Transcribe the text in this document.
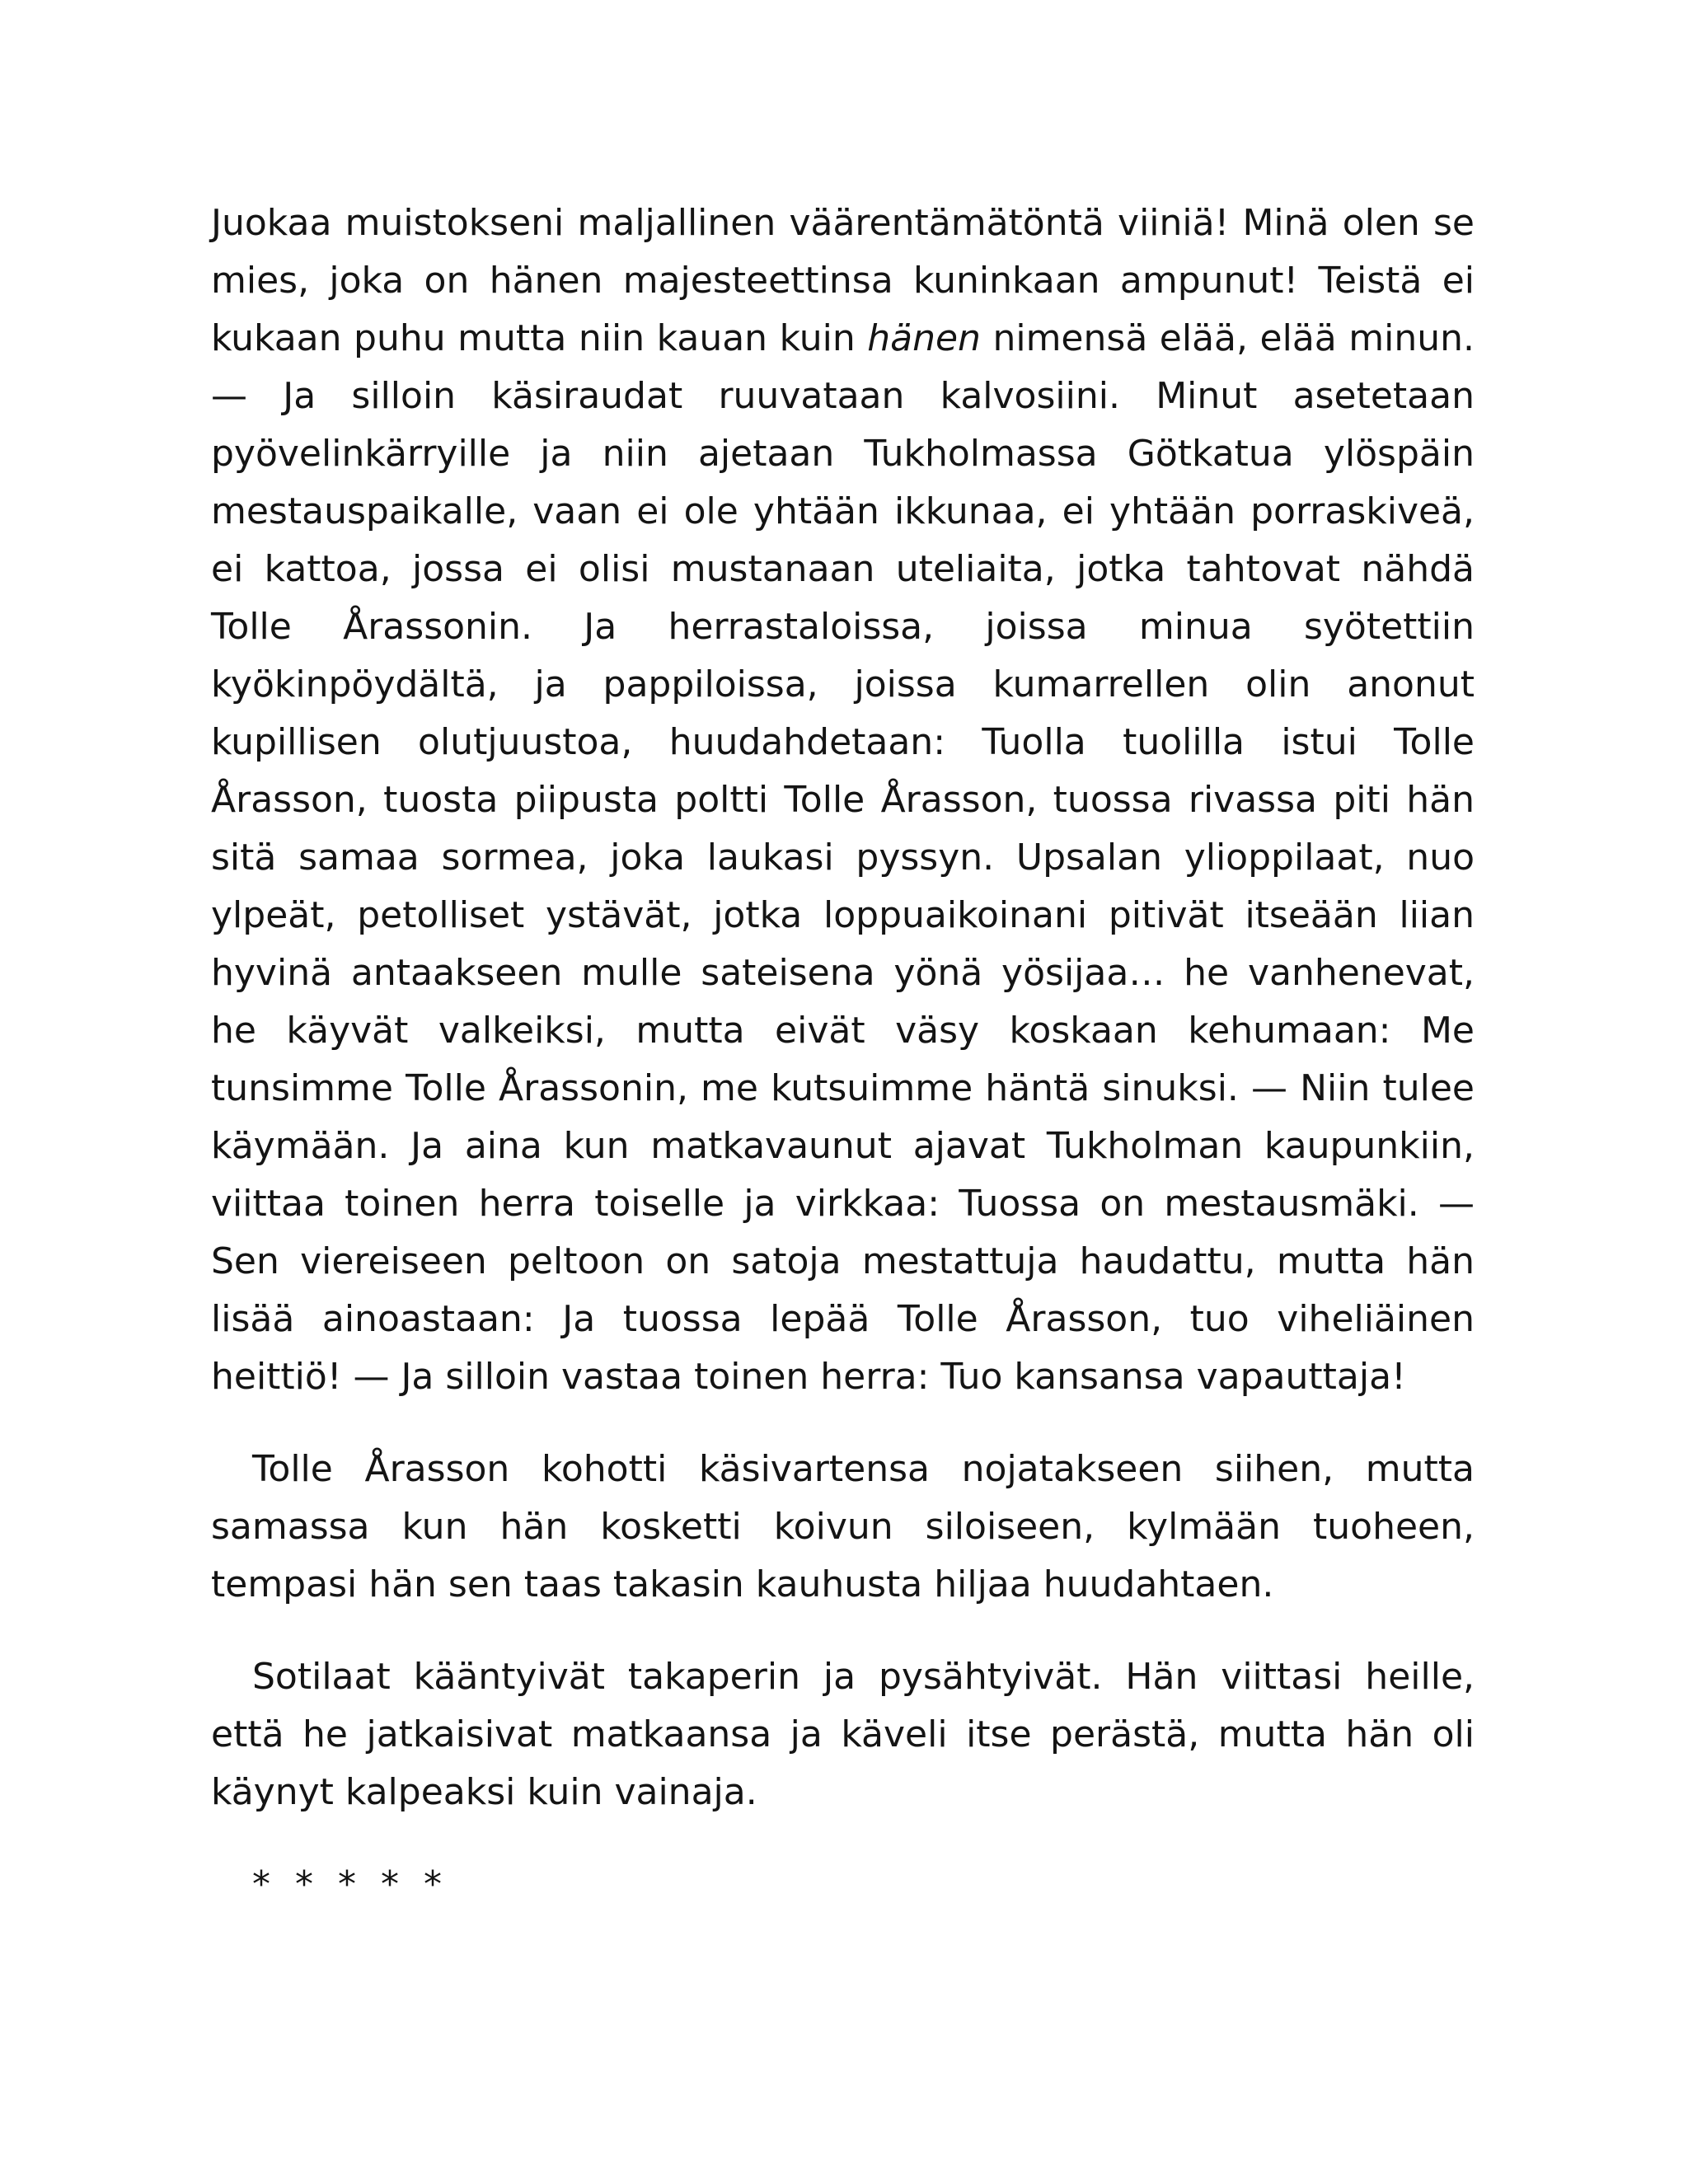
Juokaa muistokseni maljallinen väärentämätöntä viiniä! Minä olen se mies, joka on hänen majesteettinsa kuninkaan ampunut! Teistä ei kukaan puhu mutta niin kauan kuin hänen nimensä elää, elää minun. — Ja silloin käsiraudat ruuvataan kalvosiini. Minut asetetaan pyövelinkärryille ja niin ajetaan Tukholmassa Götkatua ylöspäin mestauspaikalle, vaan ei ole yhtään ikkunaa, ei yhtään porraskiveä, ei kattoa, jossa ei olisi mustanaan uteliaita, jotka tahtovat nähdä Tolle Årassonin. Ja herrastaloissa, joissa minua syötettiin kyökinpöydältä, ja pappiloissa, joissa kumarrellen olin anonut kupillisen olutjuustoa, huudahdetaan: Tuolla tuolilla istui Tolle Årasson, tuosta piipusta poltti Tolle Årasson, tuossa rivassa piti hän sitä samaa sormea, joka laukasi pyssyn. Upsalan ylioppilaat, nuo ylpeät, petolliset ystävät, jotka loppuaikoinani pitivät itseään liian hyvinä antaakseen mulle sateisena yönä yösijaa… he vanhenevat, he käyvät valkeiksi, mutta eivät väsy koskaan kehumaan: Me tunsimme Tolle Årassonin, me kutsuimme häntä sinuksi. — Niin tulee käymään. Ja aina kun matkavaunut ajavat Tukholman kaupunkiin, viittaa toinen herra toiselle ja virkkaa: Tuossa on mestausmäki. — Sen viereiseen peltoon on satoja mestattuja haudattu, mutta hän lisää ainoastaan: Ja tuossa lepää Tolle Årasson, tuo viheliäinen heittiö! — Ja silloin vastaa toinen herra: Tuo kansansa vapauttaja!

Tolle Årasson kohotti käsivartensa nojatakseen siihen, mutta samassa kun hän kosketti koivun siloiseen, kylmään tuoheen, tempasi hän sen taas takasin kauhusta hiljaa huudahtaen.

Sotilaat kääntyivät takaperin ja pysähtyivät. Hän viittasi heille, että he jatkaisivat matkaansa ja käveli itse perästä, mutta hän oli käynyt kalpeaksi kuin vainaja.

* * * * *
